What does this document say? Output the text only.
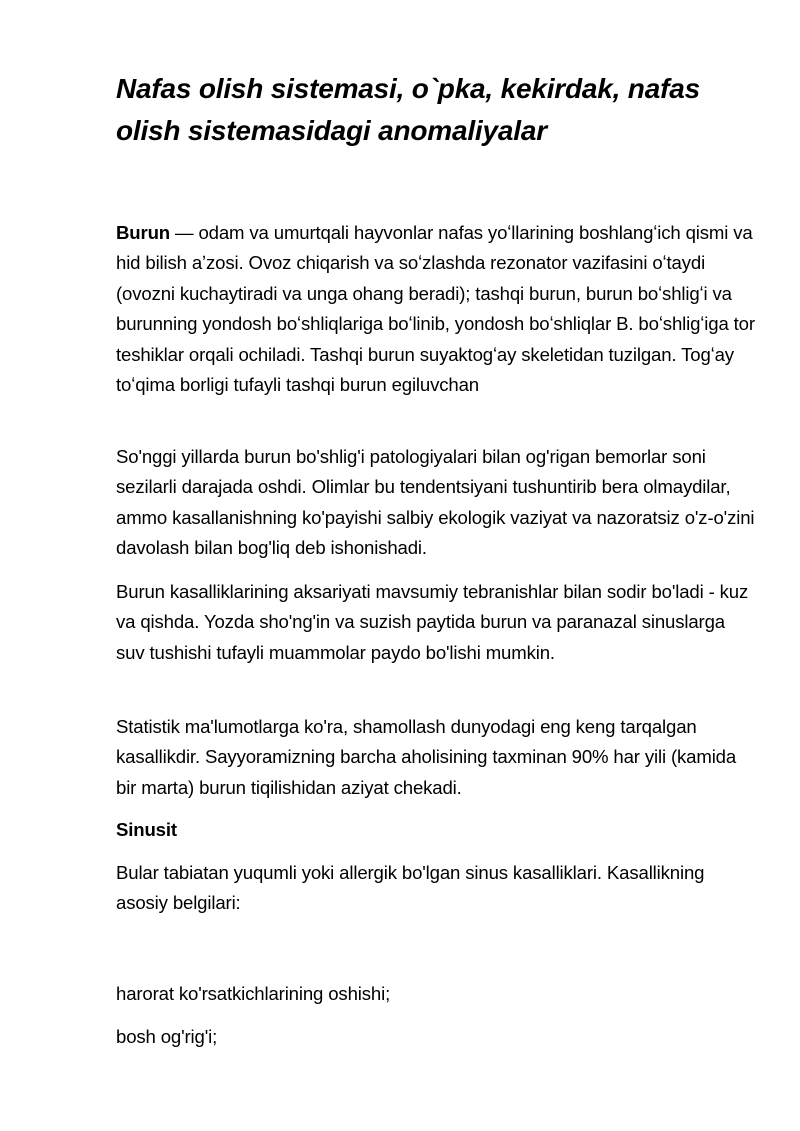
Nafas olish sistemasi, o`pka, kekirdak, nafas olish sistemasidagi anomaliyalar

Burun — odam va umurtqali hayvonlar nafas yoʻllarining boshlangʻich qismi va hid bilish aʼzosi. Ovoz chiqarish va soʻzlashda rezonator vazifasini oʻtaydi (ovozni kuchaytiradi va unga ohang beradi); tashqi burun, burun boʻshligʻi va burunning yondosh boʻshliqlariga boʻlinib, yondosh boʻshliqlar B. boʻshligʻiga tor teshiklar orqali ochiladi. Tashqi burun suyaktogʻay skeletidan tuzilgan. Togʻay toʻqima borligi tufayli tashqi burun egiluvchan

So'nggi yillarda burun bo'shlig'i patologiyalari bilan og'rigan bemorlar soni sezilarli darajada oshdi. Olimlar bu tendentsiyani tushuntirib bera olmaydilar, ammo kasallanishning ko'payishi salbiy ekologik vaziyat va nazoratsiz o'z-o'zini davolash bilan bog'liq deb ishonishadi.

Burun kasalliklarining aksariyati mavsumiy tebranishlar bilan sodir bo'ladi - kuz va qishda. Yozda sho'ng'in va suzish paytida burun va paranazal sinuslarga suv tushishi tufayli muammolar paydo bo'lishi mumkin.

Statistik ma'lumotlarga ko'ra, shamollash dunyodagi eng keng tarqalgan kasallikdir. Sayyoramizning barcha aholisining taxminan 90% har yili (kamida bir marta) burun tiqilishidan aziyat chekadi.

Sinusit

Bular tabiatan yuqumli yoki allergik bo'lgan sinus kasalliklari. Kasallikning asosiy belgilari:

harorat ko'rsatkichlarining oshishi;

bosh og'rig'i;
